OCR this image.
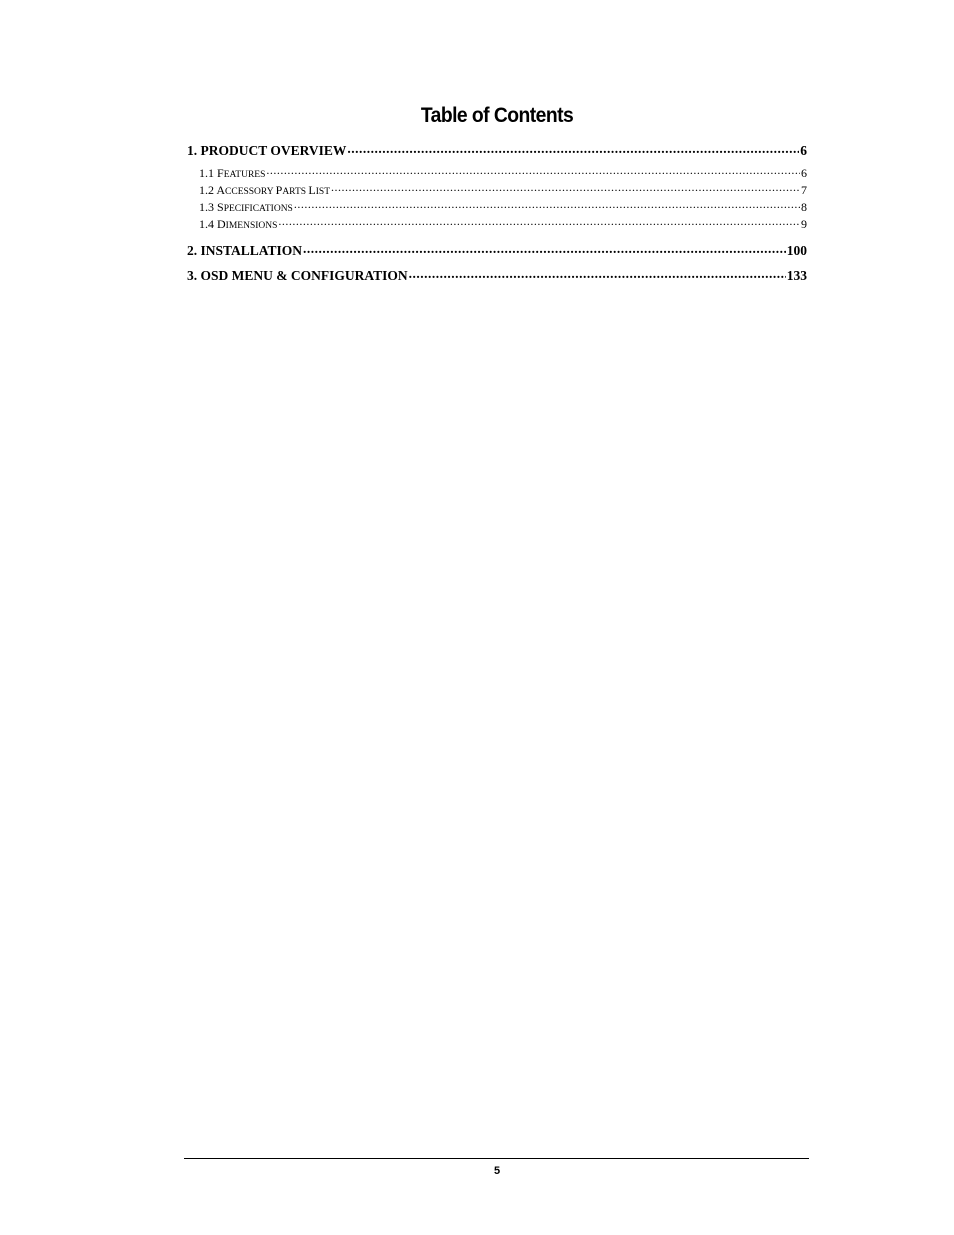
Table of Contents
1. PRODUCT OVERVIEW .....	6
1.1 FEATURES .....	6
1.2 ACCESSORY PARTS LIST .....	7
1.3 SPECIFICATIONS .....	8
1.4 DIMENSIONS .....	9
2. INSTALLATION .....	100
3. OSD MENU & CONFIGURATION .....	133
5
